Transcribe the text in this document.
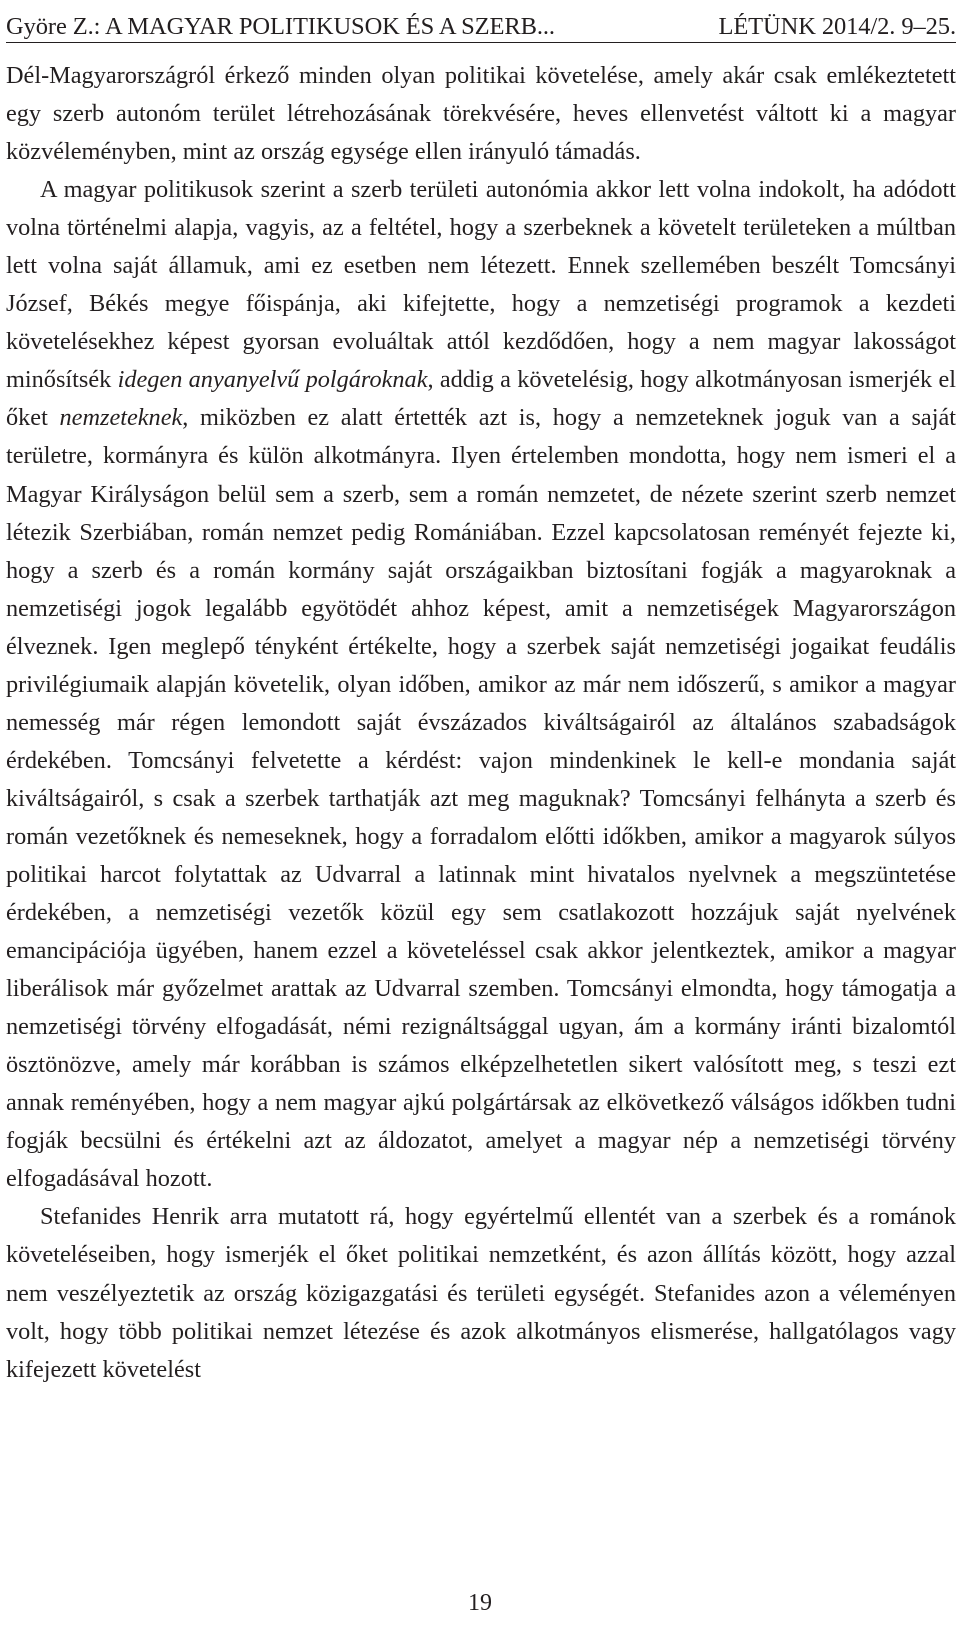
Györe Z.: A MAGYAR POLITIKUSOK ÉS A SZERB...	LÉTÜNK 2014/2. 9–25.

Dél-Magyarországról érkező minden olyan politikai követelése, amely akár csak emlékeztetett egy szerb autonóm terület létrehozásának törekvésére, heves ellenvetést váltott ki a magyar közvéleményben, mint az ország egysége ellen irányuló támadás.

A magyar politikusok szerint a szerb területi autonómia akkor lett volna indokolt, ha adódott volna történelmi alapja, vagyis, az a feltétel, hogy a szerbeknek a követelt területeken a múltban lett volna saját államuk, ami ez esetben nem létezett. Ennek szellemében beszélt Tomcsányi József, Békés megye főispánja, aki kifejtette, hogy a nemzetiségi programok a kezdeti követelésekhez képest gyorsan evoluáltak attól kezdődően, hogy a nem magyar lakosságot minősítsék idegen anyanyelvű polgároknak, addig a követelésig, hogy alkotmányosan ismerjék el őket nemzeteknek, miközben ez alatt értették azt is, hogy a nemzeteknek joguk van a saját területre, kormányra és külön alkotmányra. Ilyen értelemben mondotta, hogy nem ismeri el a Magyar Királyságon belül sem a szerb, sem a román nemzetet, de nézete szerint szerb nemzet létezik Szerbiában, román nemzet pedig Romániában. Ezzel kapcsolatosan reményét fejezte ki, hogy a szerb és a román kormány saját országaikban biztosítani fogják a magyaroknak a nemzetiségi jogok legalább egyötödét ahhoz képest, amit a nemzetiségek Magyarországon élveznek. Igen meglepő tényként értékelte, hogy a szerbek saját nemzetiségi jogaikat feudális privilégiumaik alapján követelik, olyan időben, amikor az már nem időszerű, s amikor a magyar nemesség már régen lemondott saját évszázados kiváltságairól az általános szabadságok érdekében. Tomcsányi felvetette a kérdést: vajon mindenkinek le kell-e mondania saját kiváltságairól, s csak a szerbek tarthatják azt meg maguknak? Tomcsányi felhányta a szerb és román vezetőknek és nemeseknek, hogy a forradalom előtti időkben, amikor a magyarok súlyos politikai harcot folytattak az Udvarral a latinnak mint hivatalos nyelvnek a megszüntetése érdekében, a nemzetiségi vezetők közül egy sem csatlakozott hozzájuk saját nyelvének emancipációja ügyében, hanem ezzel a követeléssel csak akkor jelentkeztek, amikor a magyar liberálisok már győzelmet arattak az Udvarral szemben. Tomcsányi elmondta, hogy támogatja a nemzetiségi törvény elfogadását, némi rezignáltsággal ugyan, ám a kormány iránti bizalomtól ösztönözve, amely már korábban is számos elképzelhetetlen sikert valósított meg, s teszi ezt annak reményében, hogy a nem magyar ajkú polgártársak az elkövetkező válságos időkben tudni fogják becsülni és értékelni azt az áldozatot, amelyet a magyar nép a nemzetiségi törvény elfogadásával hozott.

Stefanides Henrik arra mutatott rá, hogy egyértelmű ellentét van a szerbek és a románok követeléseiben, hogy ismerjék el őket politikai nemzetként, és azon állítás között, hogy azzal nem veszélyeztetik az ország közigazgatási és területi egységét. Stefanides azon a véleményen volt, hogy több politikai nemzet létezése és azok alkotmányos elismerése, hallgatólagos vagy kifejezett követelést

19
